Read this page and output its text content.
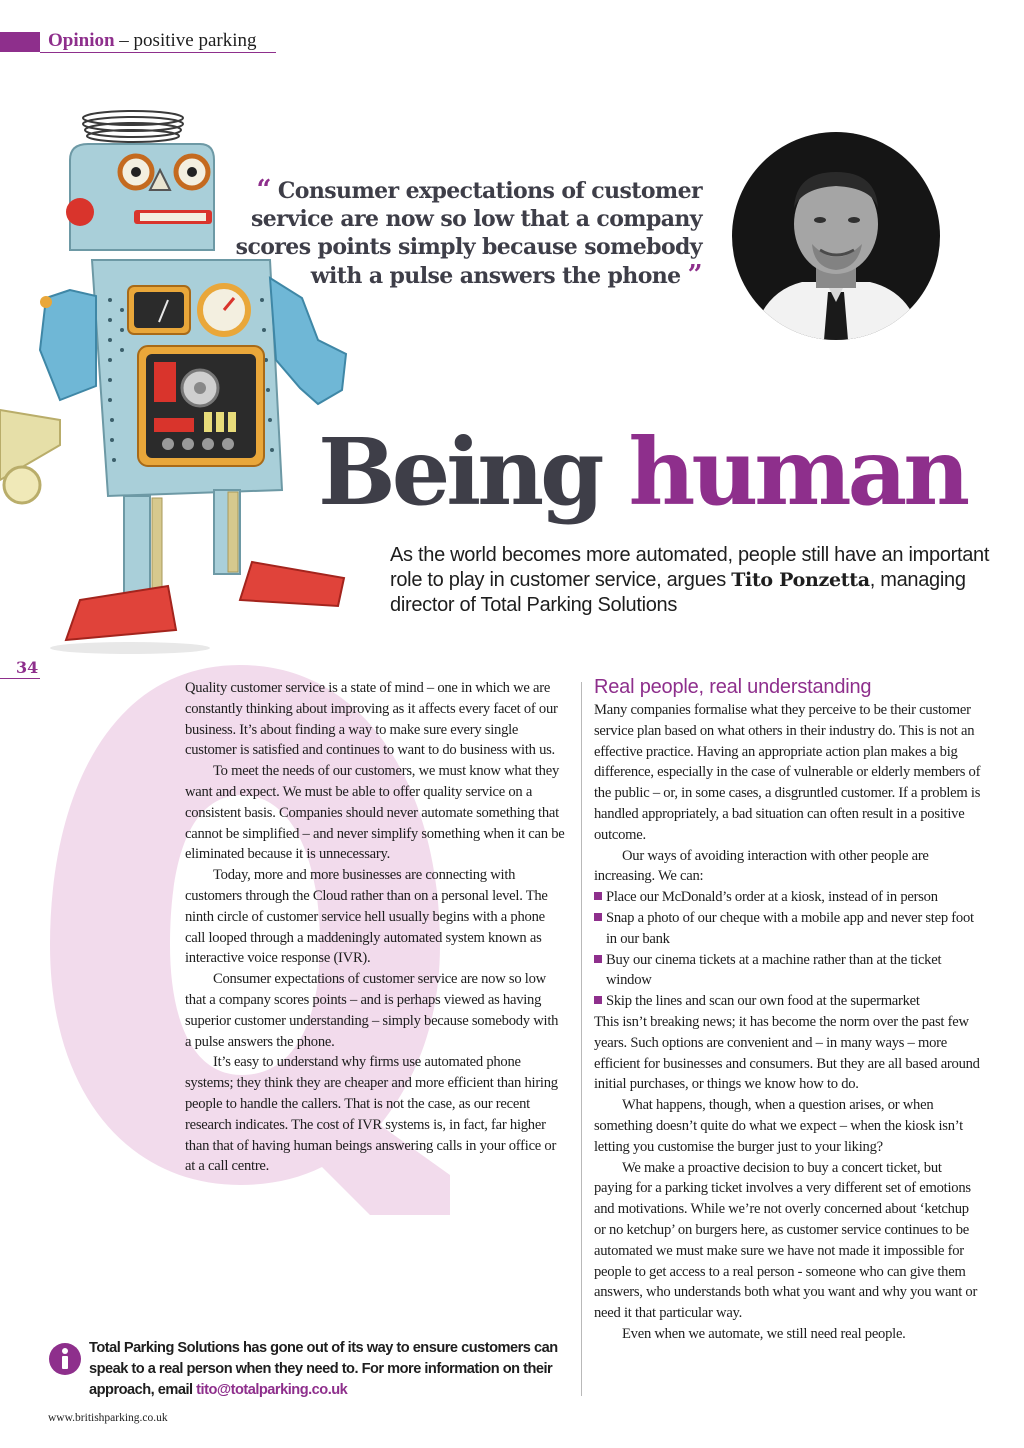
Opinion – positive parking
“ Consumer expectations of customer service are now so low that a company scores points simply because somebody with a pulse answers the phone ”
Being human
As the world becomes more automated, people still have an important role to play in customer service, argues Tito Ponzetta, managing director of Total Parking Solutions
34

Quality customer service is a state of mind – one in which we are constantly thinking about improving as it affects every facet of our business. It’s about finding a way to make sure every single customer is satisfied and continues to want to do business with us.

To meet the needs of our customers, we must know what they want and expect. We must be able to offer quality service on a consistent basis. Companies should never automate something that cannot be simplified – and never simplify something when it can be eliminated because it is unnecessary.

Today, more and more businesses are connecting with customers through the Cloud rather than on a personal level. The ninth circle of customer service hell usually begins with a phone call looped through a maddeningly automated system known as interactive voice response (IVR).

Consumer expectations of customer service are now so low that a company scores points – and is perhaps viewed as having superior customer understanding – simply because somebody with a pulse answers the phone.

It’s easy to understand why firms use automated phone systems; they think they are cheaper and more efficient than hiring people to handle the callers. That is not the case, as our recent research indicates. The cost of IVR systems is, in fact, far higher than that of having human beings answering calls in your office or at a call centre.

Real people, real understanding

Many companies formalise what they perceive to be their customer service plan based on what others in their industry do. This is not an effective practice. Having an appropriate action plan makes a big difference, especially in the case of vulnerable or elderly members of the public – or, in some cases, a disgruntled customer. If a problem is handled appropriately, a bad situation can often result in a positive outcome.

Our ways of avoiding interaction with other people are increasing. We can:

Place our McDonald’s order at a kiosk, instead of in person

Snap a photo of our cheque with a mobile app and never step foot in our bank

Buy our cinema tickets at a machine rather than at the ticket window

Skip the lines and scan our own food at the supermarket

This isn’t breaking news; it has become the norm over the past few years. Such options are convenient and – in many ways – more efficient for businesses and consumers. But they are all based around initial purchases, or things we know how to do.

What happens, though, when a question arises, or when something doesn’t quite do what we expect – when the kiosk isn’t letting you customise the burger just to your liking?

We make a proactive decision to buy a concert ticket, but paying for a parking ticket involves a very different set of emotions and motivations. While we’re not overly concerned about ‘ketchup or no ketchup’ on burgers here, as customer service continues to be automated we must make sure we have not made it impossible for people to get access to a real person - someone who can give them answers, who understands both what you want and why you want or need it that particular way.

Even when we automate, we still need real people.

Total Parking Solutions has gone out of its way to ensure customers can speak to a real person when they need to. For more information on their approach, email tito@totalparking.co.uk
www.britishparking.co.uk
